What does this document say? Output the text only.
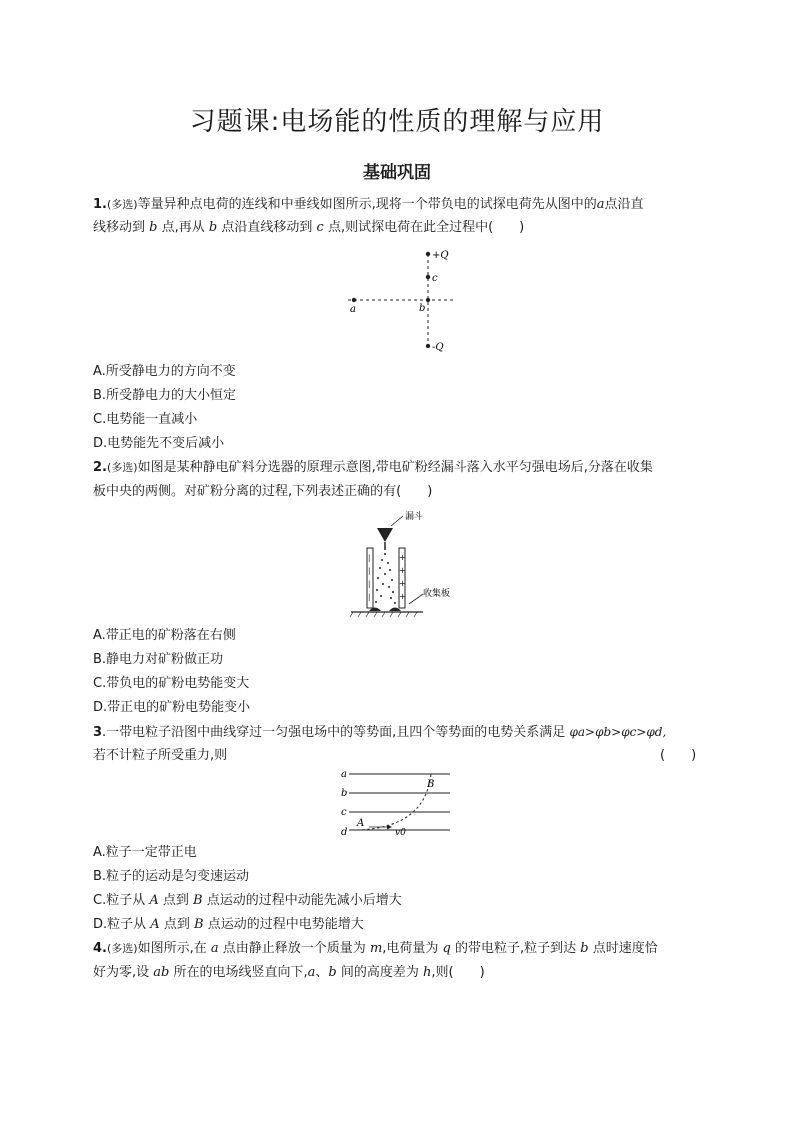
习题课:电场能的性质的理解与应用
基础巩固
1.(多选)等量异种点电荷的连线和中垂线如图所示,现将一个带负电的试探电荷先从图中的a点沿直
线移动到 b 点,再从 b 点沿直线移动到 c 点,则试探电荷在此全过程中(　　)
+Q
c
b
a
-Q
A.所受静电力的方向不变
B.所受静电力的大小恒定
C.电势能一直减小
D.电势能先不变后减小
2.(多选)如图是某种静电矿料分选器的原理示意图,带电矿粉经漏斗落入水平匀强电场后,分落在收集
板中央的两侧。对矿粉分离的过程,下列表述正确的有(　　)
漏斗
|
|
|
|
+
+
+
+ 收集板
A.带正电的矿粉落在右侧
B.静电力对矿粉做正功
C.带负电的矿粉电势能变大
D.带正电的矿粉电势能变小
3.一带电粒子沿图中曲线穿过一匀强电场中的等势面,且四个等势面的电势关系满足 φa>φb>φc>φd,
若不计粒子所受重力,则	(　　)
a
b
c
d
A
B
v0
A.粒子一定带正电
B.粒子的运动是匀变速运动
C.粒子从 A 点到 B 点运动的过程中动能先减小后增大
D.粒子从 A 点到 B 点运动的过程中电势能增大
4.(多选)如图所示,在 a 点由静止释放一个质量为 m,电荷量为 q 的带电粒子,粒子到达 b 点时速度恰
好为零,设 ab 所在的电场线竖直向下,a、b 间的高度差为 h,则(　　)
